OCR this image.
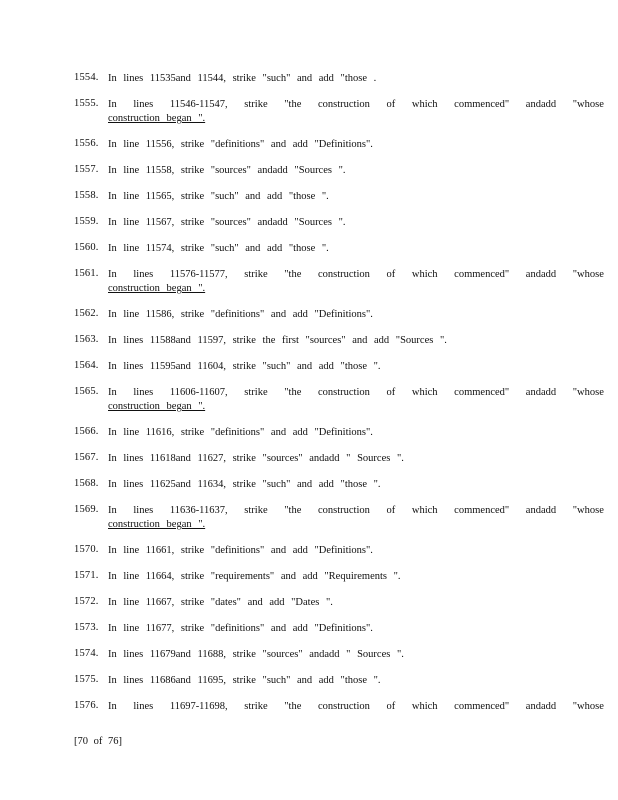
1554. In lines 11535and 11544, strike "such" and add "those .
1555. In lines 11546-11547, strike "the construction of which commenced" andadd "whose
construction began ".
1556. In line 11556, strike "definitions" and add "Definitions".
1557. In line 11558, strike "sources" andadd "Sources ".
1558. In line 11565, strike "such" and add "those ".
1559. In line 11567, strike "sources" andadd "Sources ".
1560. In line 11574, strike "such" and add "those ".
1561. In lines 11576-11577, strike "the construction of which commenced" andadd "whose
construction began ".
1562. In line 11586, strike "definitions" and add "Definitions".
1563. In lines 11588and 11597, strike the first "sources" and add "Sources ".
1564. In lines 11595and 11604, strike "such" and add "those ".
1565. In lines 11606-11607, strike "the construction of which commenced" andadd "whose
construction began ".
1566. In line 11616, strike "definitions" and add "Definitions".
1567. In lines 11618and 11627, strike "sources" andadd " Sources ".
1568. In lines 11625and 11634, strike "such" and add "those ".
1569. In lines 11636-11637, strike "the construction of which commenced" andadd "whose
construction began ".
1570. In line 11661, strike "definitions" and add "Definitions".
1571. In line 11664, strike "requirements" and add "Requirements ".
1572. In line 11667, strike "dates" and add "Dates ".
1573. In line 11677, strike "definitions" and add "Definitions".
1574. In lines 11679and 11688, strike "sources" andadd " Sources ".
1575. In lines 11686and 11695, strike "such" and add "those ".
1576. In lines 11697-11698, strike "the construction of which commenced" andadd "whose
[70 of 76]
